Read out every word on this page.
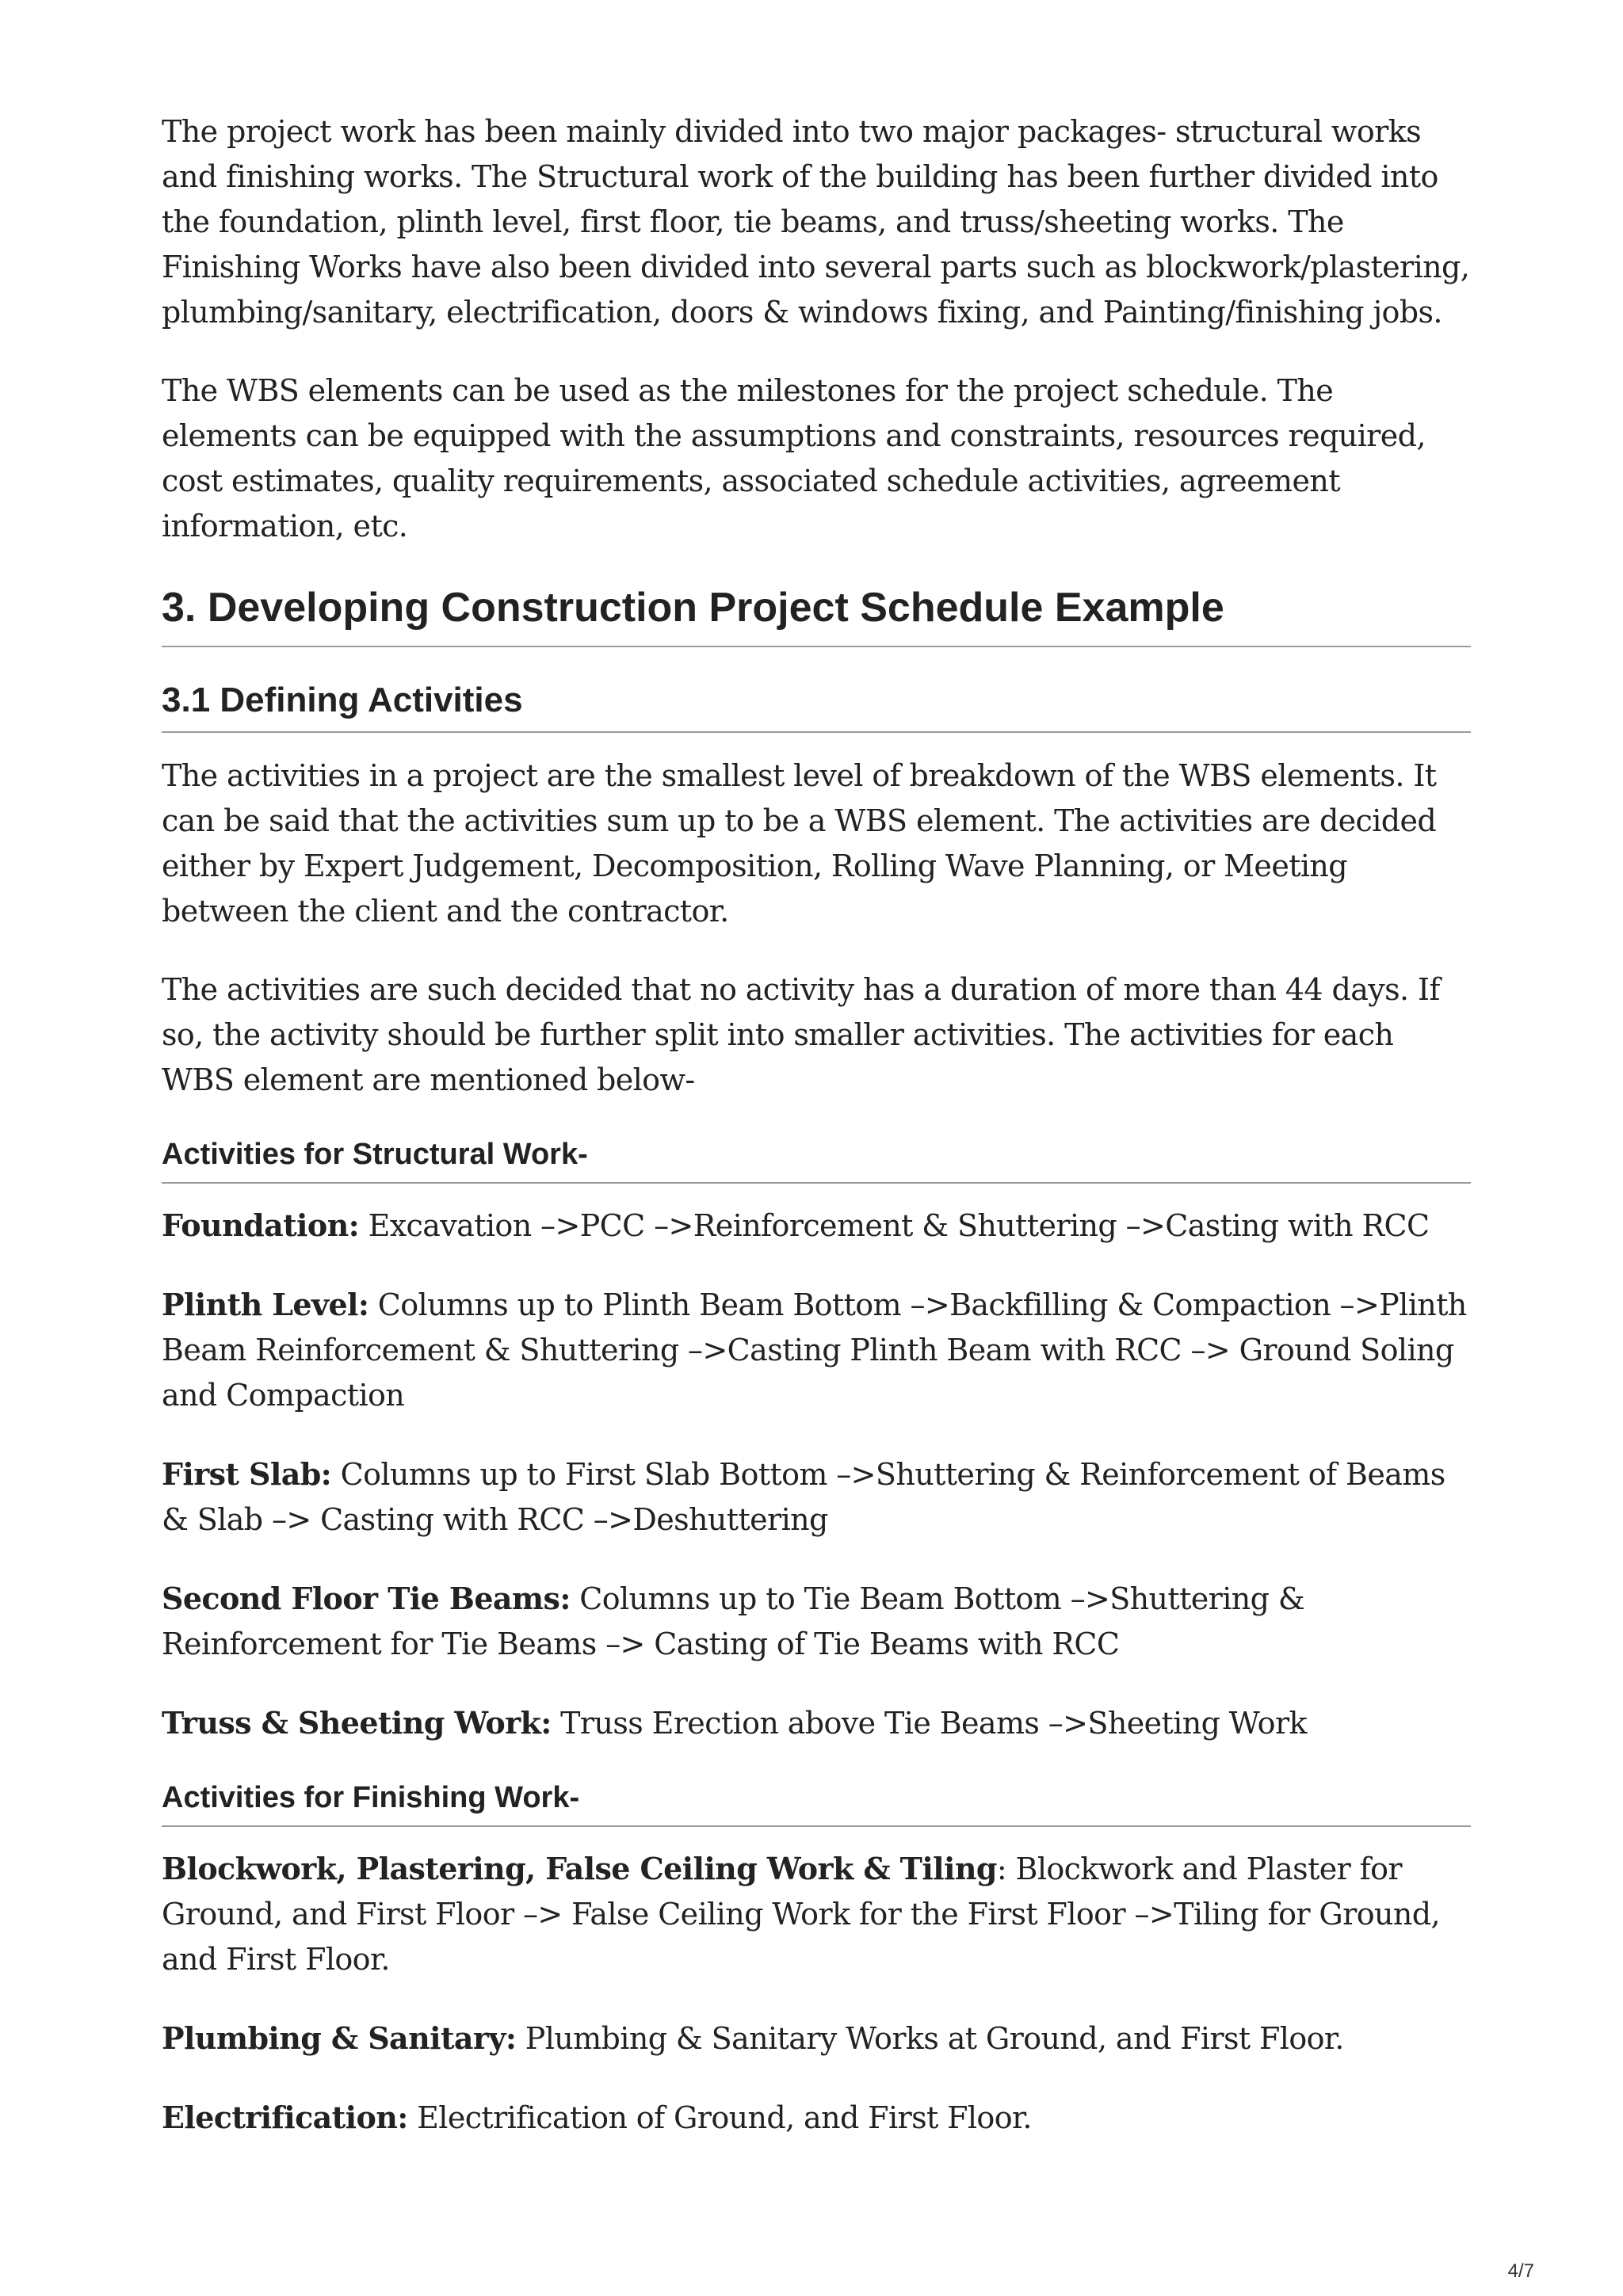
The project work has been mainly divided into two major packages- structural works and finishing works. The Structural work of the building has been further divided into the foundation, plinth level, first floor, tie beams, and truss/sheeting works. The Finishing Works have also been divided into several parts such as blockwork/plastering, plumbing/sanitary, electrification, doors & windows fixing, and Painting/finishing jobs.

The WBS elements can be used as the milestones for the project schedule. The elements can be equipped with the assumptions and constraints, resources required, cost estimates, quality requirements, associated schedule activities, agreement information, etc.

3. Developing Construction Project Schedule Example
3.1 Defining Activities

The activities in a project are the smallest level of breakdown of the WBS elements. It can be said that the activities sum up to be a WBS element. The activities are decided either by Expert Judgement, Decomposition, Rolling Wave Planning, or Meeting between the client and the contractor.

The activities are such decided that no activity has a duration of more than 44 days. If so, the activity should be further split into smaller activities. The activities for each WBS element are mentioned below-

Activities for Structural Work-

Foundation: Excavation –>PCC –>Reinforcement & Shuttering –>Casting with RCC

Plinth Level: Columns up to Plinth Beam Bottom –>Backfilling & Compaction –>Plinth Beam Reinforcement & Shuttering –>Casting Plinth Beam with RCC –> Ground Soling and Compaction

First Slab: Columns up to First Slab Bottom –>Shuttering & Reinforcement of Beams & Slab –> Casting with RCC –>Deshuttering

Second Floor Tie Beams: Columns up to Tie Beam Bottom –>Shuttering & Reinforcement for Tie Beams –> Casting of Tie Beams with RCC

Truss & Sheeting Work: Truss Erection above Tie Beams –>Sheeting Work

Activities for Finishing Work-

Blockwork, Plastering, False Ceiling Work & Tiling: Blockwork and Plaster for Ground, and First Floor –> False Ceiling Work for the First Floor –>Tiling for Ground, and First Floor.

Plumbing & Sanitary: Plumbing & Sanitary Works at Ground, and First Floor.

Electrification: Electrification of Ground, and First Floor.

4/7
